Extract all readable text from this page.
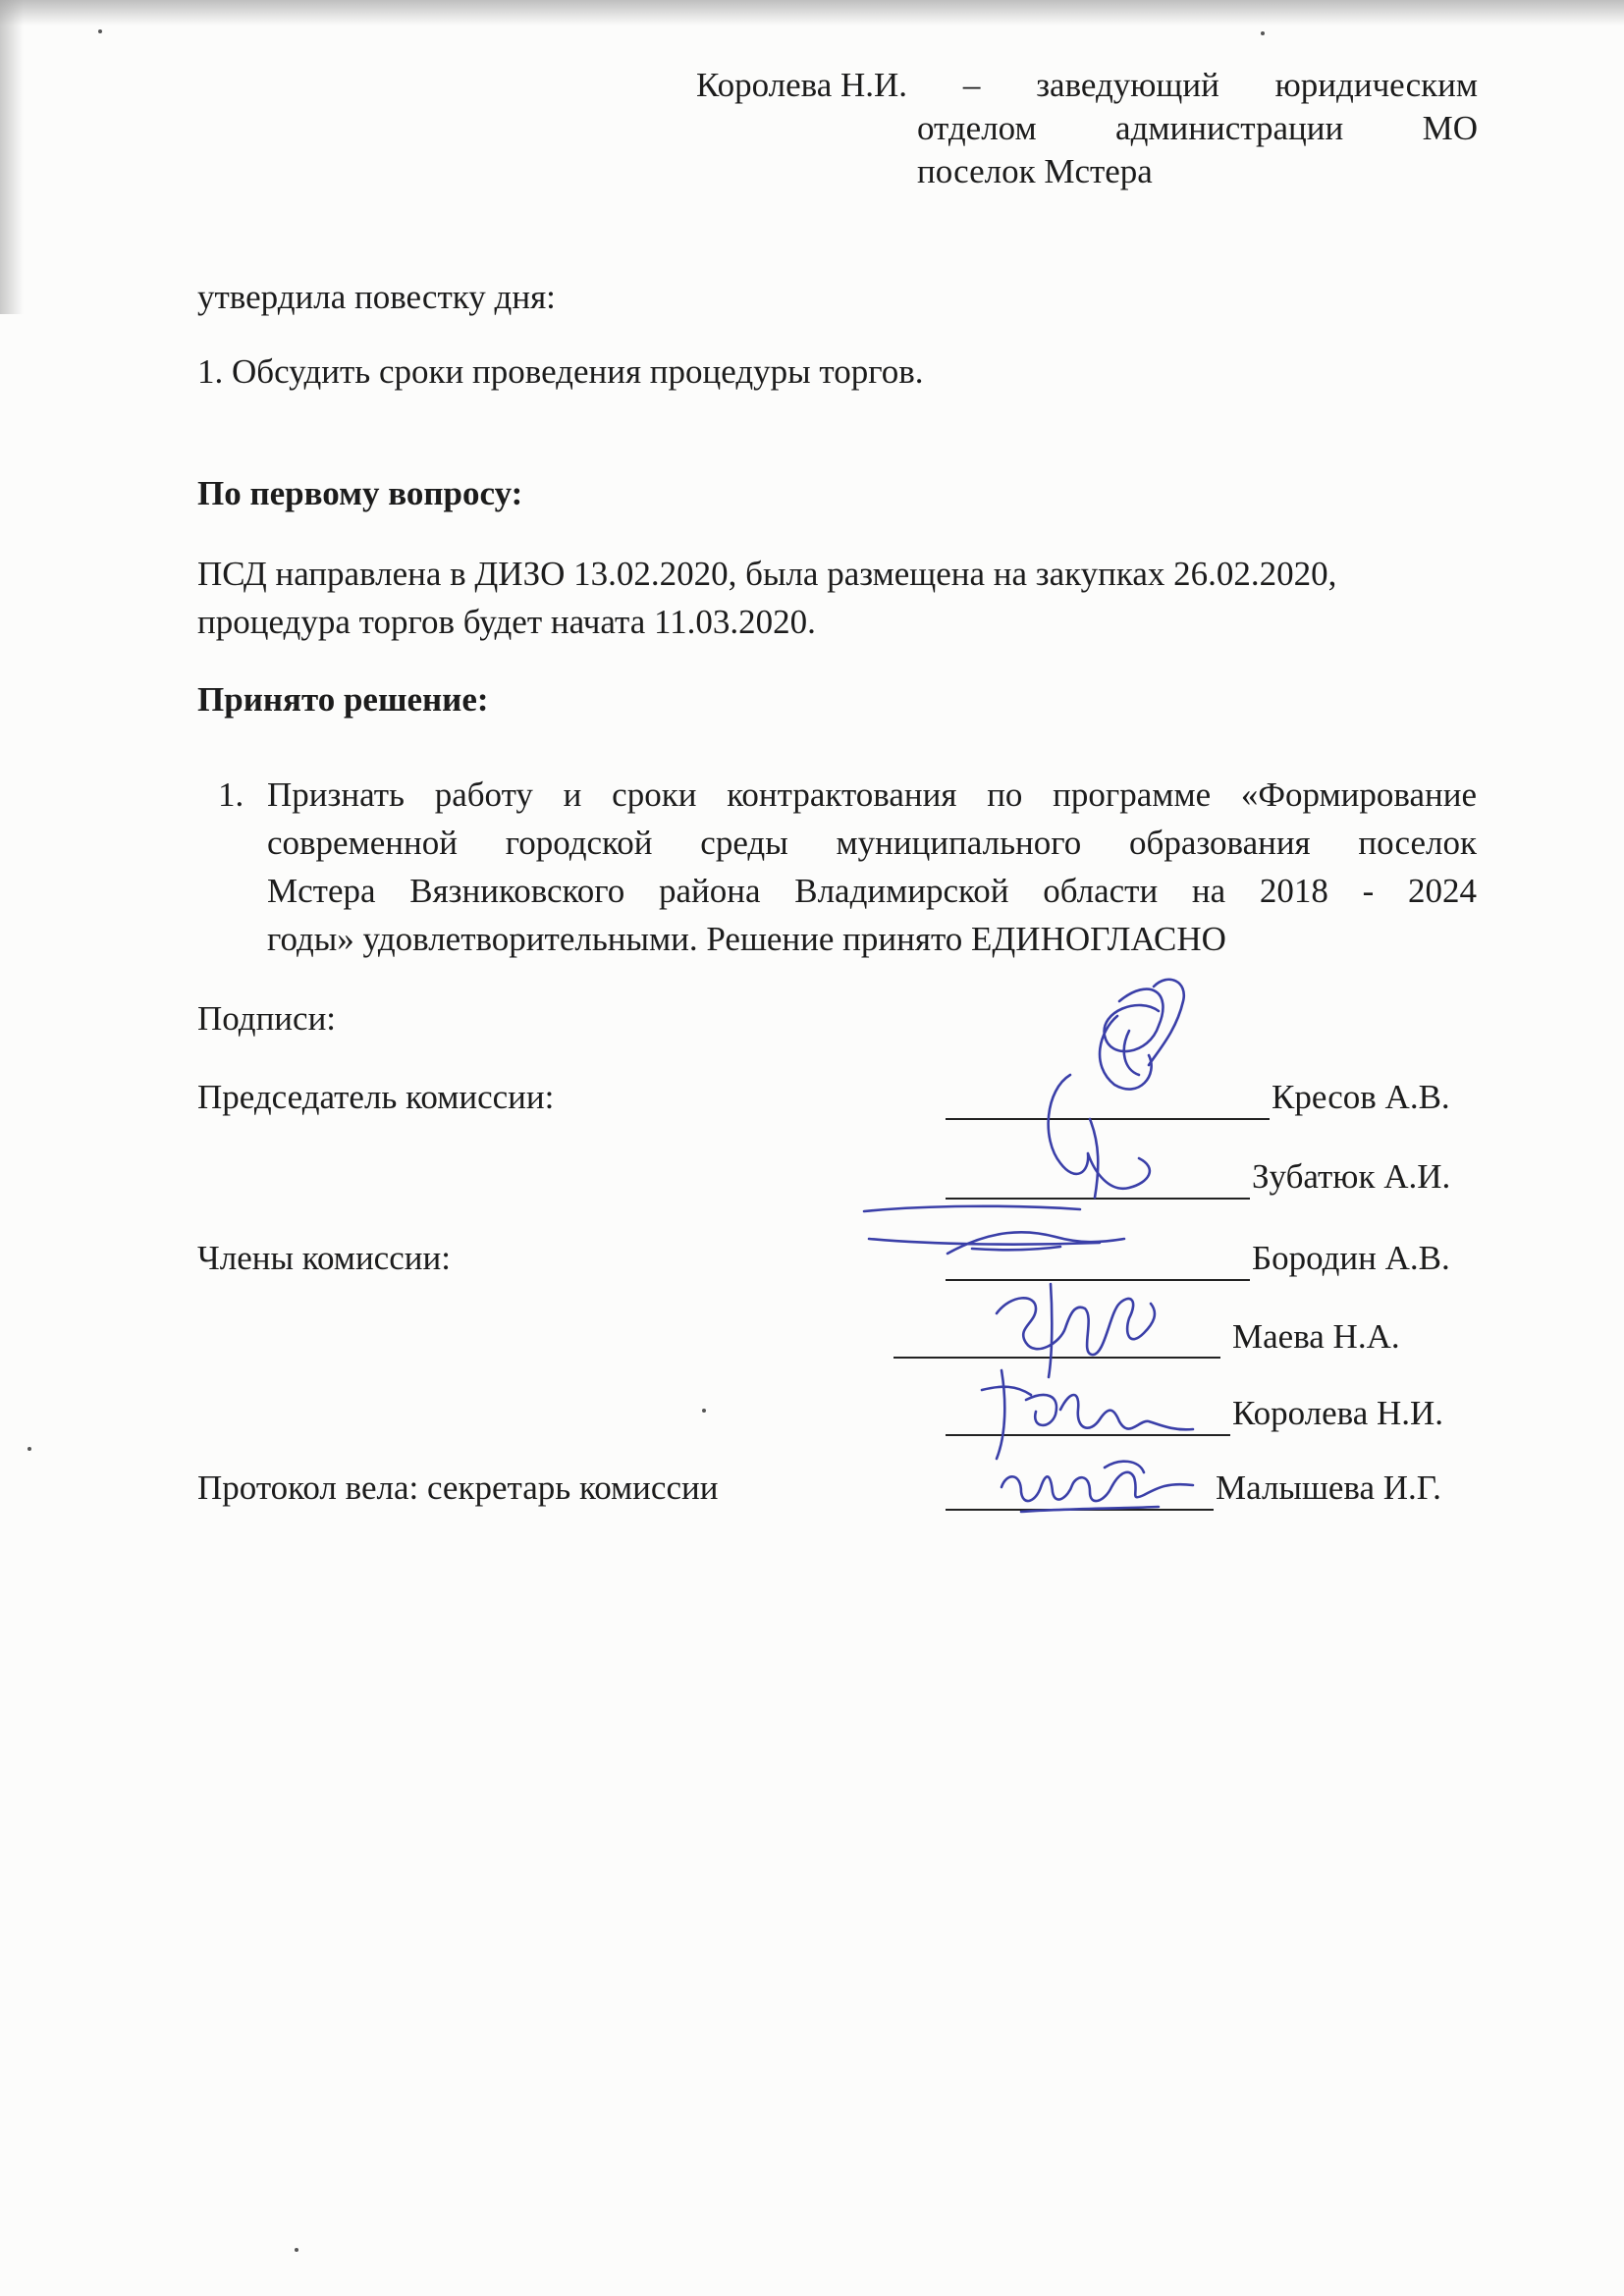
Королева Н.И. – заведующий юридическим
отделом администрации МО
поселок Мстера
утвердила повестку дня:
1. Обсудить сроки проведения процедуры торгов.
По первому вопросу:
ПСД направлена в ДИЗО 13.02.2020, была размещена на закупках 26.02.2020,
процедура торгов будет начата 11.03.2020.
Принято решение:
1. Признать работу и сроки контрактования по программе «Формирование
современной городской среды муниципального образования поселок
Мстера Вязниковского района Владимирской области на 2018 - 2024
годы» удовлетворительными. Решение принято ЕДИНОГЛАСНО
Подписи:
Председатель комиссии:
Члены комиссии:
Протокол вела: секретарь комиссии
Кресов А.В.
Зубатюк А.И.
Бородин А.В.
Маева Н.А.
Королева Н.И.
Малышева И.Г.
